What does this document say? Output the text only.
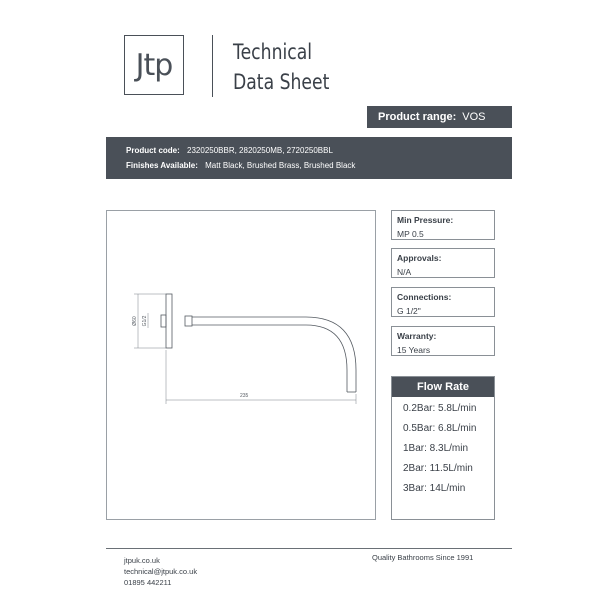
Jtp	Technical
Data Sheet
Product range: VOS
Product code: 2320250BBR, 2820250MB, 2720250BBL
Finishes Available: Matt Black, Brushed Brass, Brushed Black
235
Ø60 G1/2
Min Pressure:
MP 0.5
Approvals:
N/A
Connections:
G 1/2"
Warranty:
15 Years
Flow Rate
0.2Bar: 5.8L/min
0.5Bar: 6.8L/min
1Bar: 8.3L/min
2Bar: 11.5L/min
3Bar: 14L/min
jtpuk.co.uk
technical@jtpuk.co.uk
01895 442211
Quality Bathrooms Since 1991
